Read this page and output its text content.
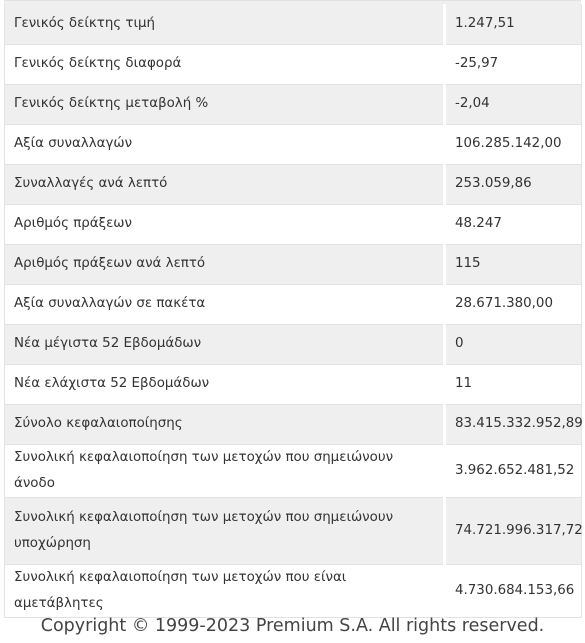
Γενικός δείκτης τιμή	1.247,51
Γενικός δείκτης διαφορά	-25,97
Γενικός δείκτης μεταβολή %	-2,04
Αξία συναλλαγών	106.285.142,00
Συναλλαγές ανά λεπτό	253.059,86
Αριθμός πράξεων	48.247
Αριθμός πράξεων ανά λεπτό	115
Αξία συναλλαγών σε πακέτα	28.671.380,00
Νέα μέγιστα 52 Εβδομάδων	0
Νέα ελάχιστα 52 Εβδομάδων	11
Σύνολο κεφαλαιοποίησης	83.415.332.952,89
Συνολική κεφαλαιοποίηση των μετοχών που σημειώνουν άνοδο	3.962.652.481,52
Συνολική κεφαλαιοποίηση των μετοχών που σημειώνουν υποχώρηση	74.721.996.317,72
Συνολική κεφαλαιοποίηση των μετοχών που είναι αμετάβλητες	4.730.684.153,66
Copyright © 1999-2023 Premium S.A. All rights reserved.
